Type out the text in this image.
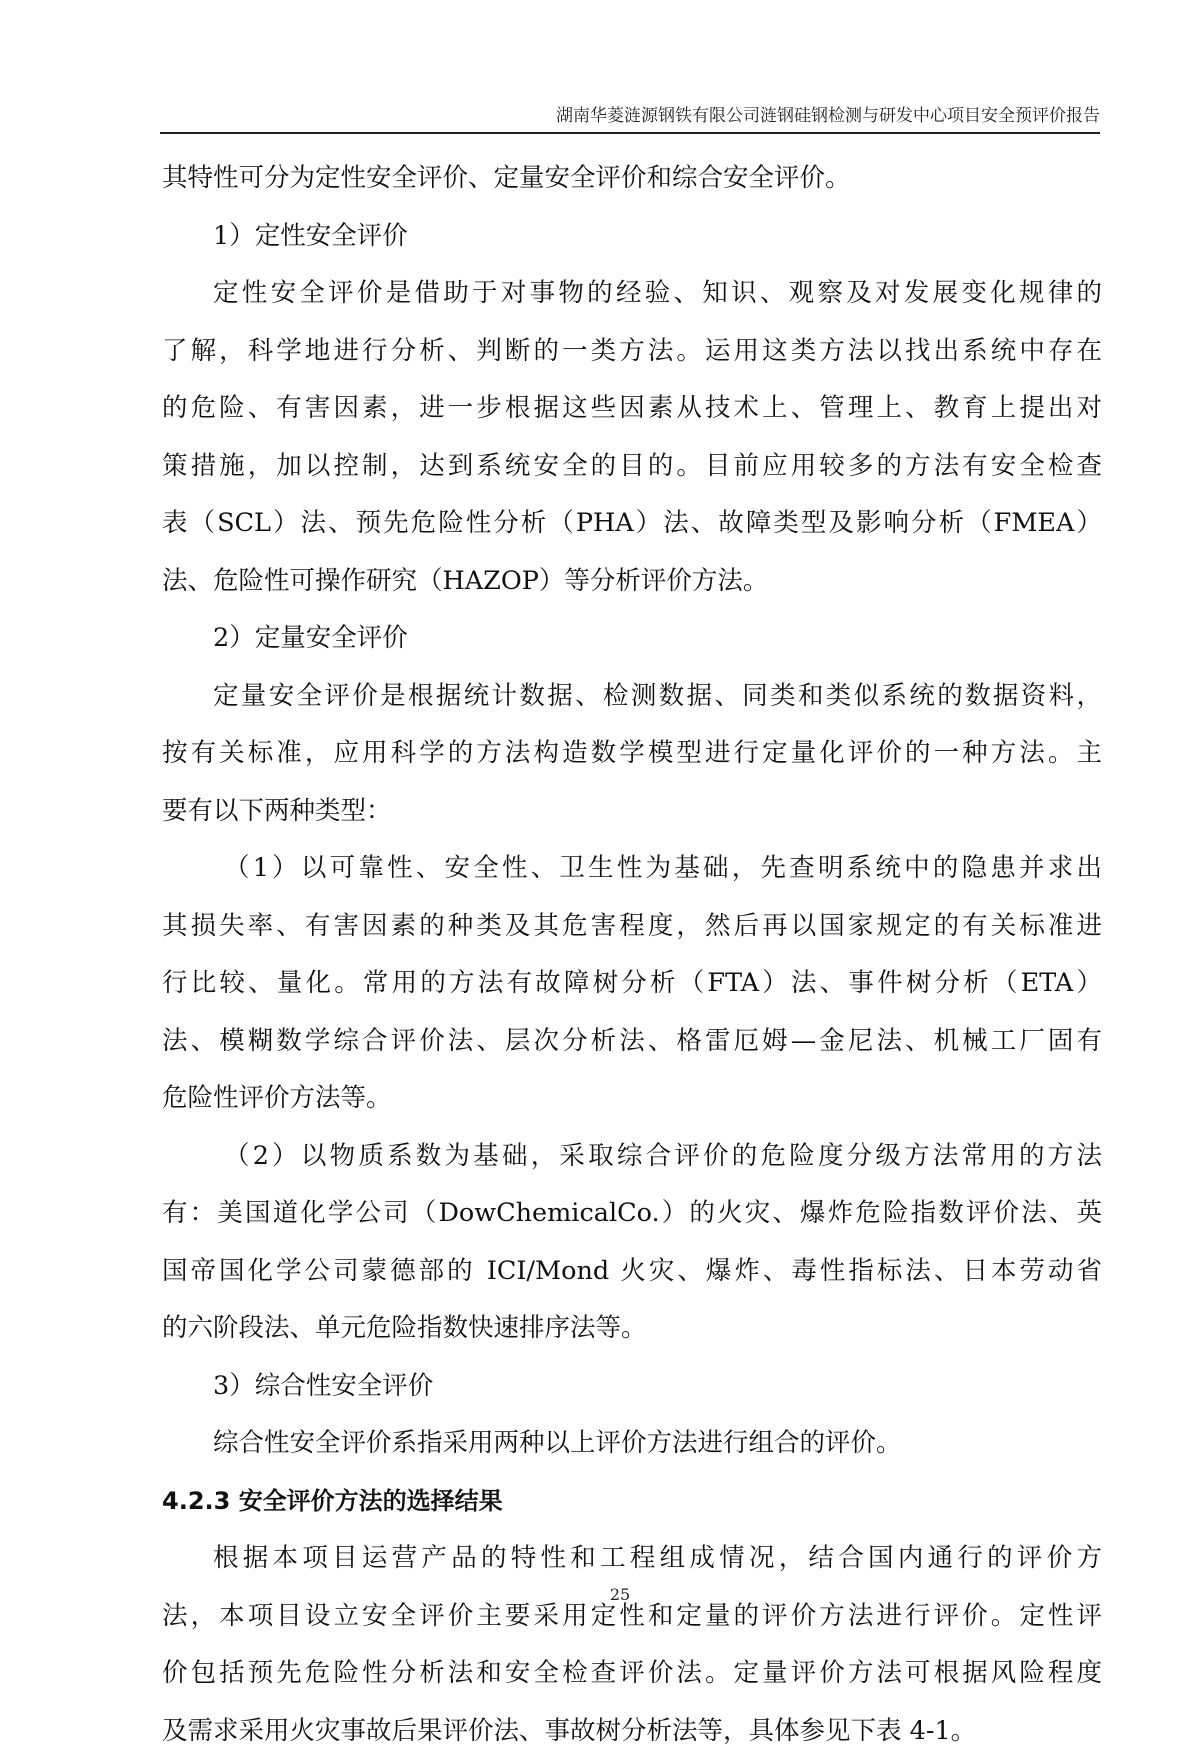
湖南华菱涟源钢铁有限公司涟钢硅钢检测与研发中心项目安全预评价报告
其特性可分为定性安全评价、定量安全评价和综合安全评价。
1）定性安全评价
定性安全评价是借助于对事物的经验、知识、观察及对发展变化规律的
了解，科学地进行分析、判断的一类方法。运用这类方法以找出系统中存在
的危险、有害因素，进一步根据这些因素从技术上、管理上、教育上提出对
策措施，加以控制，达到系统安全的目的。目前应用较多的方法有安全检查
表（SCL）法、预先危险性分析（PHA）法、故障类型及影响分析（FMEA）
法、危险性可操作研究（HAZOP）等分析评价方法。
2）定量安全评价
定量安全评价是根据统计数据、检测数据、同类和类似系统的数据资料，
按有关标准，应用科学的方法构造数学模型进行定量化评价的一种方法。主
要有以下两种类型：
（1）以可靠性、安全性、卫生性为基础，先查明系统中的隐患并求出
其损失率、有害因素的种类及其危害程度，然后再以国家规定的有关标准进
行比较、量化。常用的方法有故障树分析（FTA）法、事件树分析（ETA）
法、模糊数学综合评价法、层次分析法、格雷厄姆—金尼法、机械工厂固有
危险性评价方法等。
（2）以物质系数为基础，采取综合评价的危险度分级方法常用的方法
有：美国道化学公司（DowChemicalCo.）的火灾、爆炸危险指数评价法、英
国帝国化学公司蒙德部的 ICI/Mond 火灾、爆炸、毒性指标法、日本劳动省
的六阶段法、单元危险指数快速排序法等。
3）综合性安全评价
综合性安全评价系指采用两种以上评价方法进行组合的评价。
4.2.3 安全评价方法的选择结果
根据本项目运营产品的特性和工程组成情况，结合国内通行的评价方
法，本项目设立安全评价主要采用定性和定量的评价方法进行评价。定性评
价包括预先危险性分析法和安全检查评价法。定量评价方法可根据风险程度
及需求采用火灾事故后果评价法、事故树分析法等，具体参见下表 4-1。
25
